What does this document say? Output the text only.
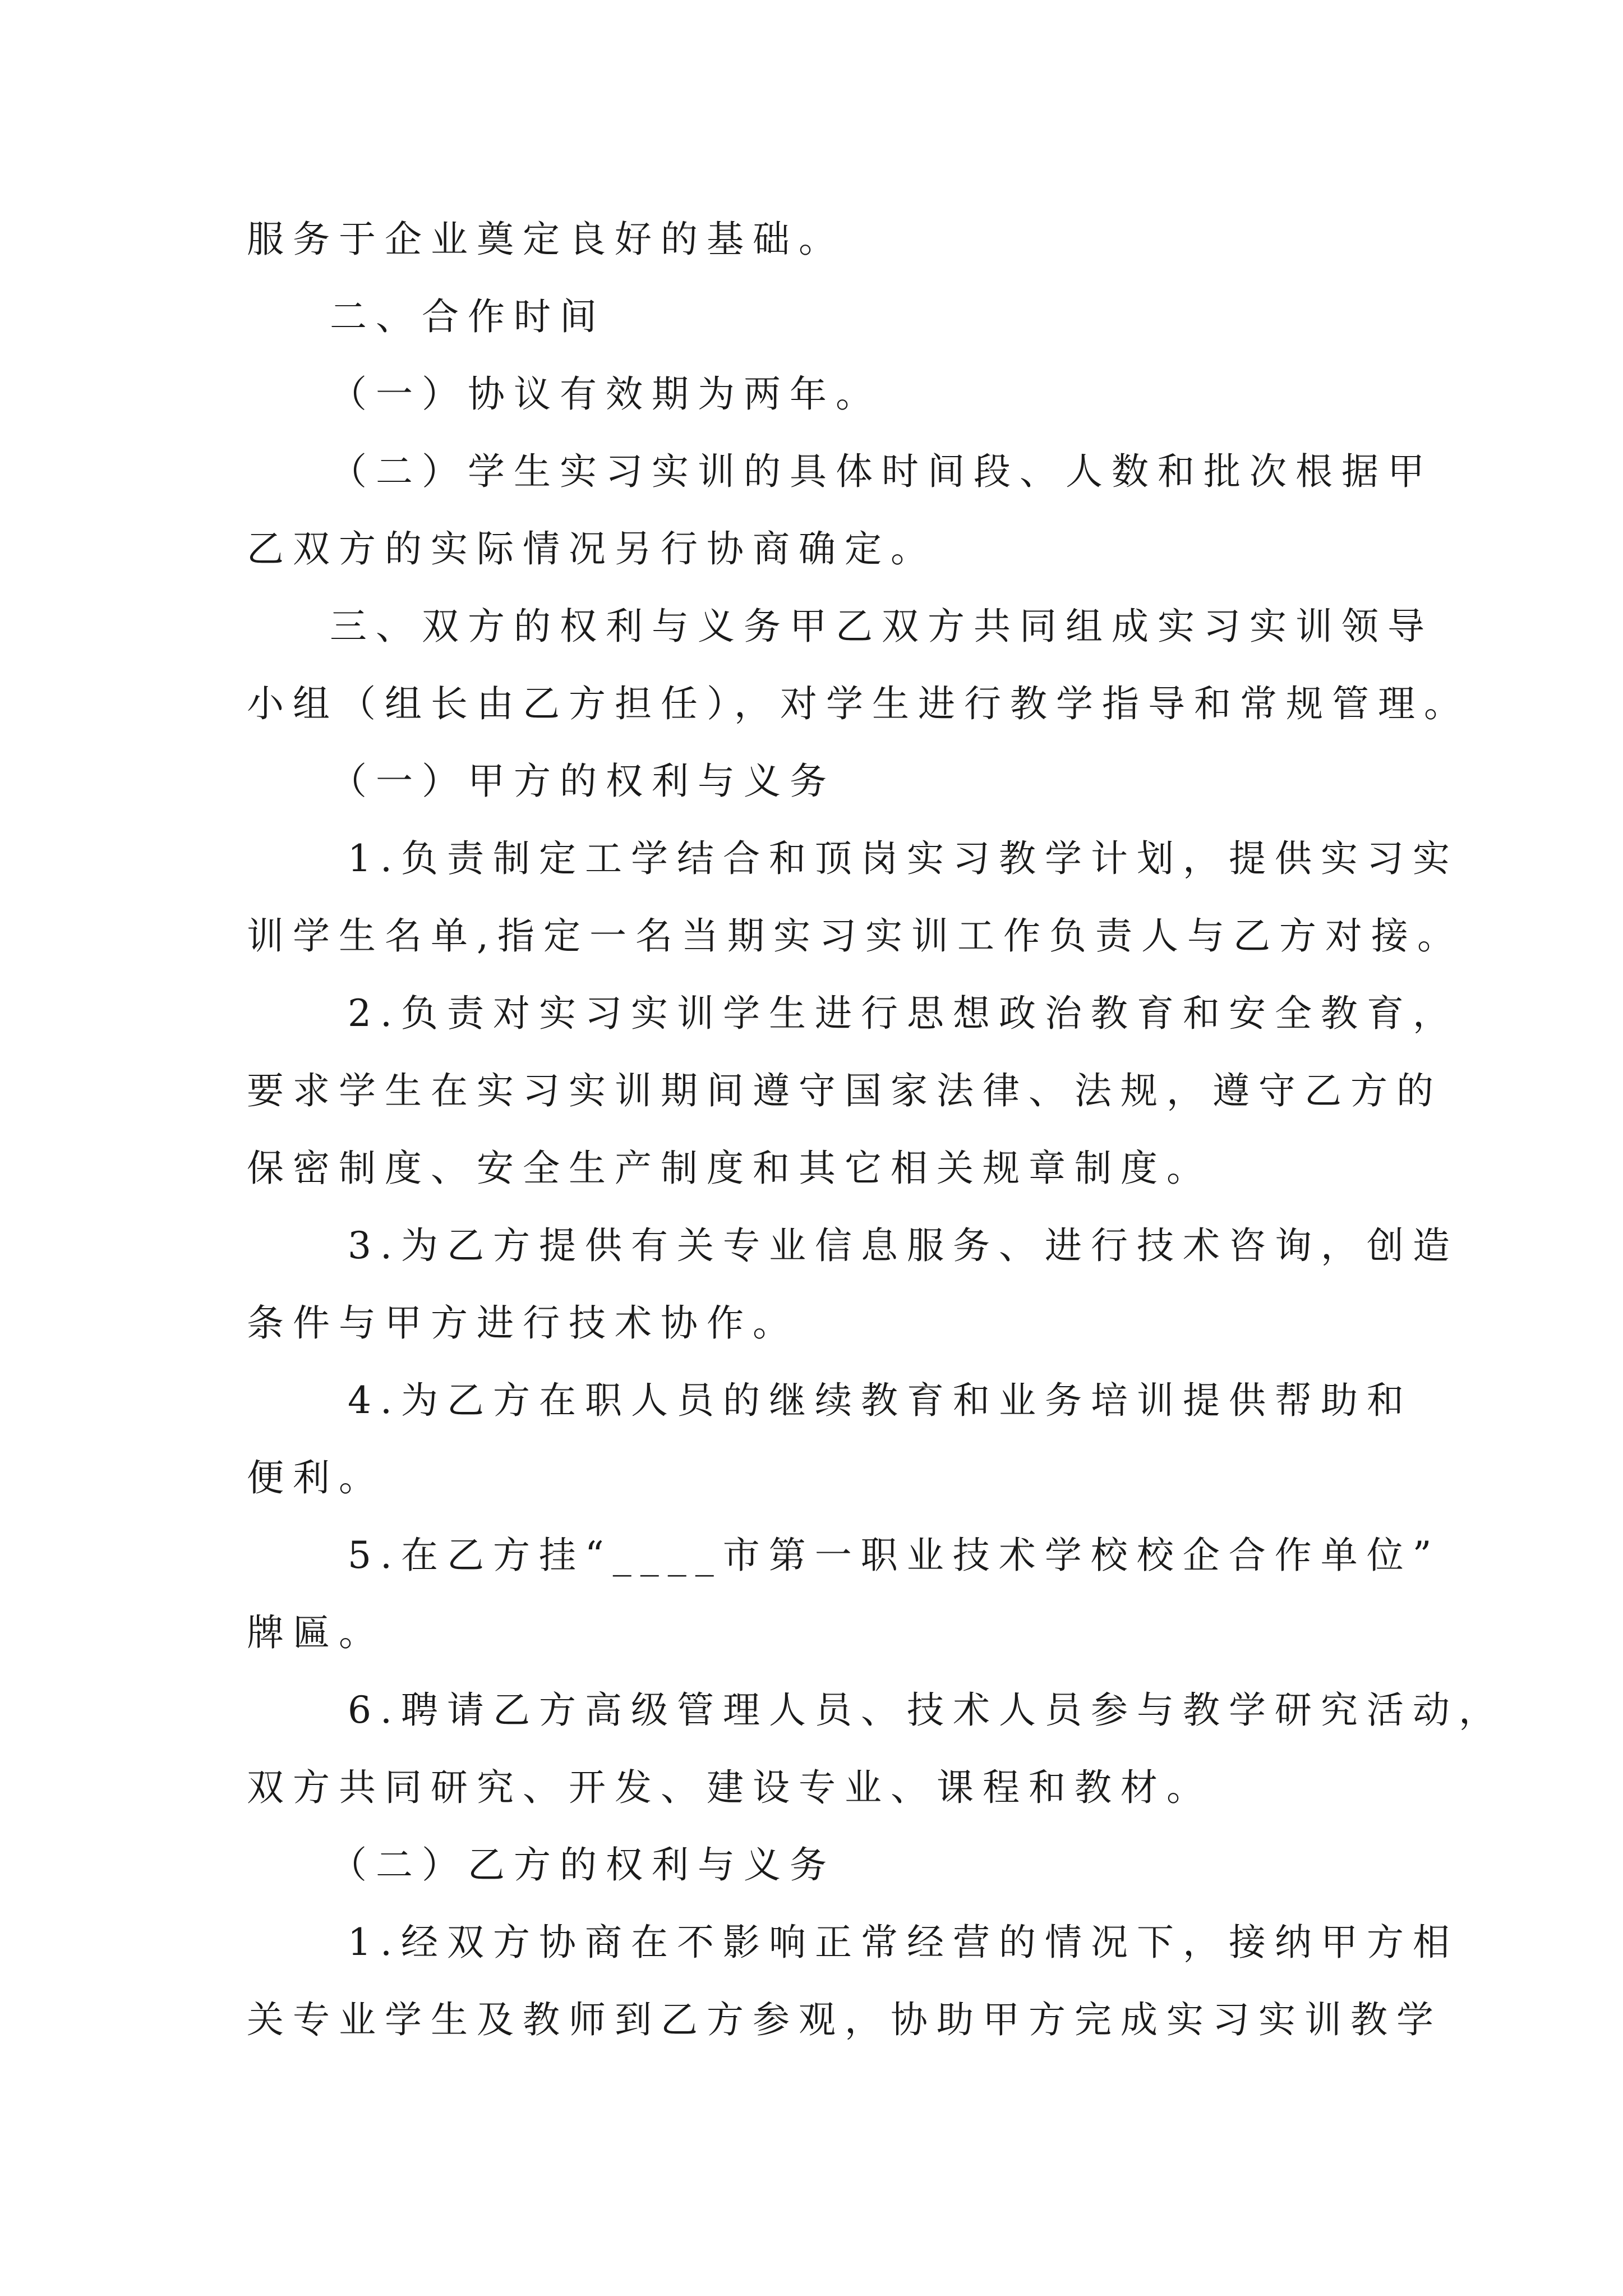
服务于企业奠定良好的基础。
二、合作时间
（一）协议有效期为两年。
（二）学生实习实训的具体时间段、人数和批次根据甲
乙双方的实际情况另行协商确定。
三、双方的权利与义务甲乙双方共同组成实习实训领导
小组（组长由乙方担任），对学生进行教学指导和常规管理。
（一）甲方的权利与义务
1.负责制定工学结合和顶岗实习教学计划，提供实习实
训学生名单,指定一名当期实习实训工作负责人与乙方对接。
2.负责对实习实训学生进行思想政治教育和安全教育，
要求学生在实习实训期间遵守国家法律、法规，遵守乙方的
保密制度、安全生产制度和其它相关规章制度。
3.为乙方提供有关专业信息服务、进行技术咨询，创造
条件与甲方进行技术协作。
4.为乙方在职人员的继续教育和业务培训提供帮助和
便利。
5.在乙方挂“____市第一职业技术学校校企合作单位”
牌匾。
6.聘请乙方高级管理人员、技术人员参与教学研究活动，
双方共同研究、开发、建设专业、课程和教材。
（二）乙方的权利与义务
1.经双方协商在不影响正常经营的情况下，接纳甲方相
关专业学生及教师到乙方参观，协助甲方完成实习实训教学
